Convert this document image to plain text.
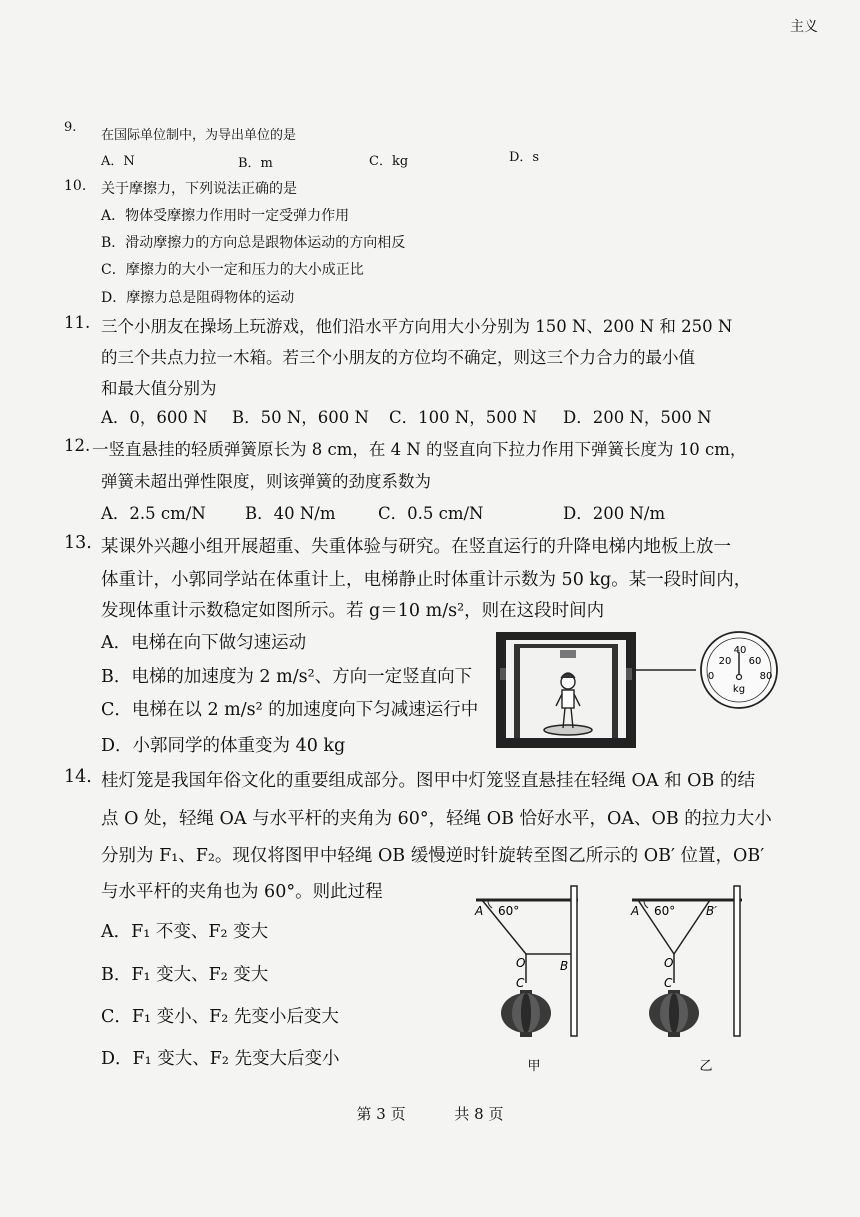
主义
9.
在国际单位制中，为导出单位的是
A．N	B．m	C．kg	D．s
10. 关于摩擦力，下列说法正确的是
A．物体受摩擦力作用时一定受弹力作用
B．滑动摩擦力的方向总是跟物体运动的方向相反
C．摩擦力的大小一定和压力的大小成正比
D．摩擦力总是阻碍物体的运动
11. 三个小朋友在操场上玩游戏，他们沿水平方向用大小分别为 150 N、200 N 和 250 N
的三个共点力拉一木箱。若三个小朋友的方位均不确定，则这三个力合力的最小值
和最大值分别为
A．0，600 N B．50 N，600 N C．100 N，500 N D．200 N，500 N
12. 一竖直悬挂的轻质弹簧原长为 8 cm，在 4 N 的竖直向下拉力作用下弹簧长度为 10 cm，
弹簧未超出弹性限度，则该弹簧的劲度系数为
A．2.5 cm/N B．40 N/m	C．0.5 cm/N	D．200 N/m
13. 某课外兴趣小组开展超重、失重体验与研究。在竖直运行的升降电梯内地板上放一
体重计，小郭同学站在体重计上，电梯静止时体重计示数为 50 kg。某一段时间内，
发现体重计示数稳定如图所示。若 g＝10 m/s²，则在这段时间内
A．电梯在向下做匀速运动
B．电梯的加速度为 2 m/s²、方向一定竖直向下
C．电梯在以 2 m/s² 的加速度向下匀减速运行中
D．小郭同学的体重变为 40 kg
20
40
60
0	80
kg
14. 桂灯笼是我国年俗文化的重要组成部分。图甲中灯笼竖直悬挂在轻绳 OA 和 OB 的结
点 O 处，轻绳 OA 与水平杆的夹角为 60°，轻绳 OB 恰好水平，OA、OB 的拉力大小
分别为 F₁、F₂。现仅将图甲中轻绳 OB 缓慢逆时针旋转至图乙所示的 OB′ 位置，OB′
与水平杆的夹角也为 60°。则此过程
A．F₁ 不变、F₂ 变大
B．F₁ 变大、F₂ 变大
C．F₁ 变小、F₂ 先变小后变大
D．F₁ 变大、F₂ 先变大后变小
A 60°
O	B
C
甲
A 60°	B′
O
C
乙
第 3 页	共 8 页
